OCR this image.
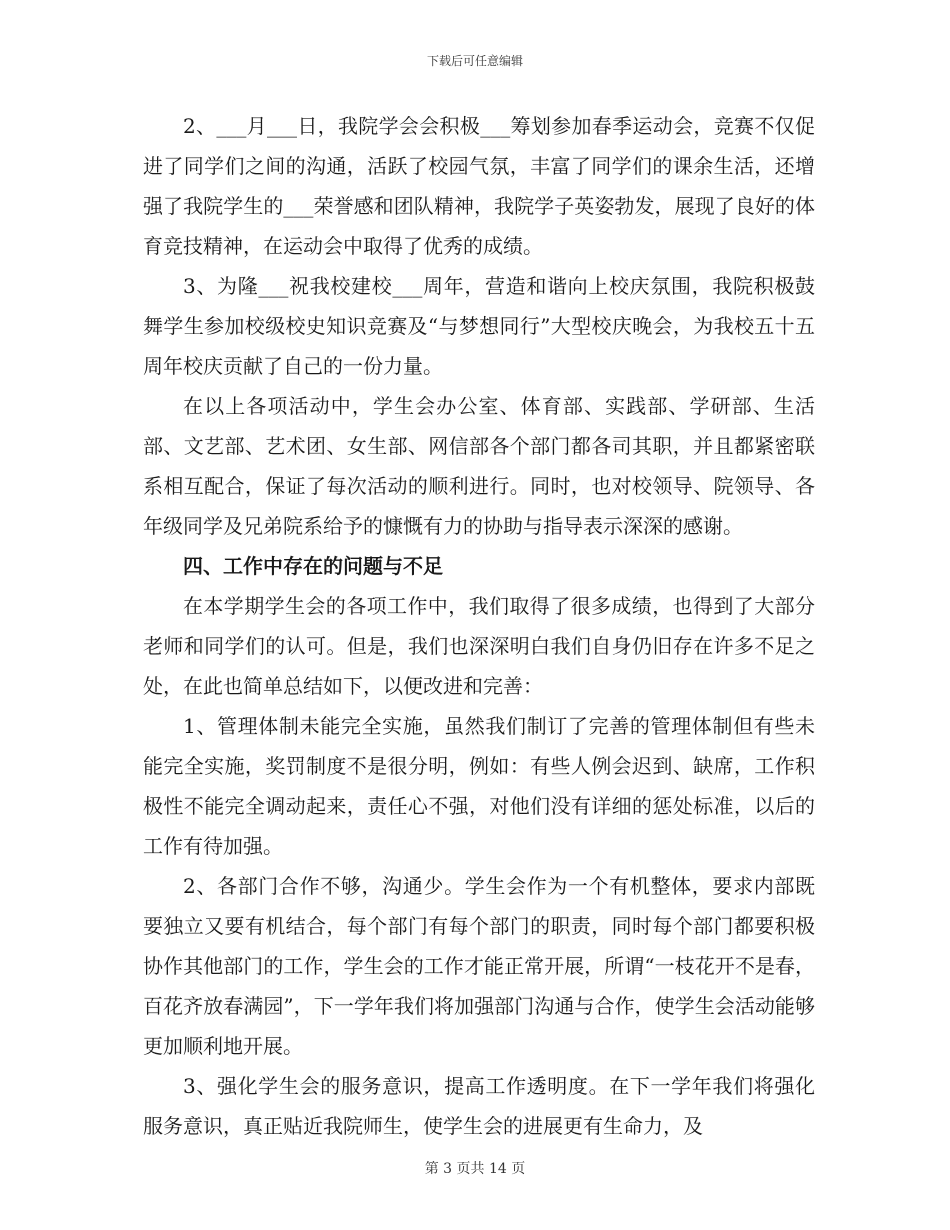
下载后可任意编辑

2、___月___日，我院学会会积极___筹划参加春季运动会，竞赛不仅促进了同学们之间的沟通，活跃了校园气氛，丰富了同学们的课余生活，还增强了我院学生的___荣誉感和团队精神，我院学子英姿勃发，展现了良好的体育竞技精神，在运动会中取得了优秀的成绩。

3、为隆___祝我校建校___周年，营造和谐向上校庆氛围，我院积极鼓舞学生参加校级校史知识竞赛及“与梦想同行”大型校庆晚会，为我校五十五周年校庆贡献了自己的一份力量。

在以上各项活动中，学生会办公室、体育部、实践部、学研部、生活部、文艺部、艺术团、女生部、网信部各个部门都各司其职，并且都紧密联系相互配合，保证了每次活动的顺利进行。同时，也对校领导、院领导、各年级同学及兄弟院系给予的慷慨有力的协助与指导表示深深的感谢。

四、工作中存在的问题与不足

在本学期学生会的各项工作中，我们取得了很多成绩，也得到了大部分老师和同学们的认可。但是，我们也深深明白我们自身仍旧存在许多不足之处，在此也简单总结如下，以便改进和完善：

1、管理体制未能完全实施，虽然我们制订了完善的管理体制但有些未能完全实施，奖罚制度不是很分明，例如：有些人例会迟到、缺席，工作积极性不能完全调动起来，责任心不强，对他们没有详细的惩处标准，以后的工作有待加强。

2、各部门合作不够，沟通少。学生会作为一个有机整体，要求内部既要独立又要有机结合，每个部门有每个部门的职责，同时每个部门都要积极协作其他部门的工作，学生会的工作才能正常开展，所谓“一枝花开不是春，百花齐放春满园”，下一学年我们将加强部门沟通与合作，使学生会活动能够更加顺利地开展。

3、强化学生会的服务意识，提高工作透明度。在下一学年我们将强化服务意识，真正贴近我院师生，使学生会的进展更有生命力，及

第 3 页共 14 页
